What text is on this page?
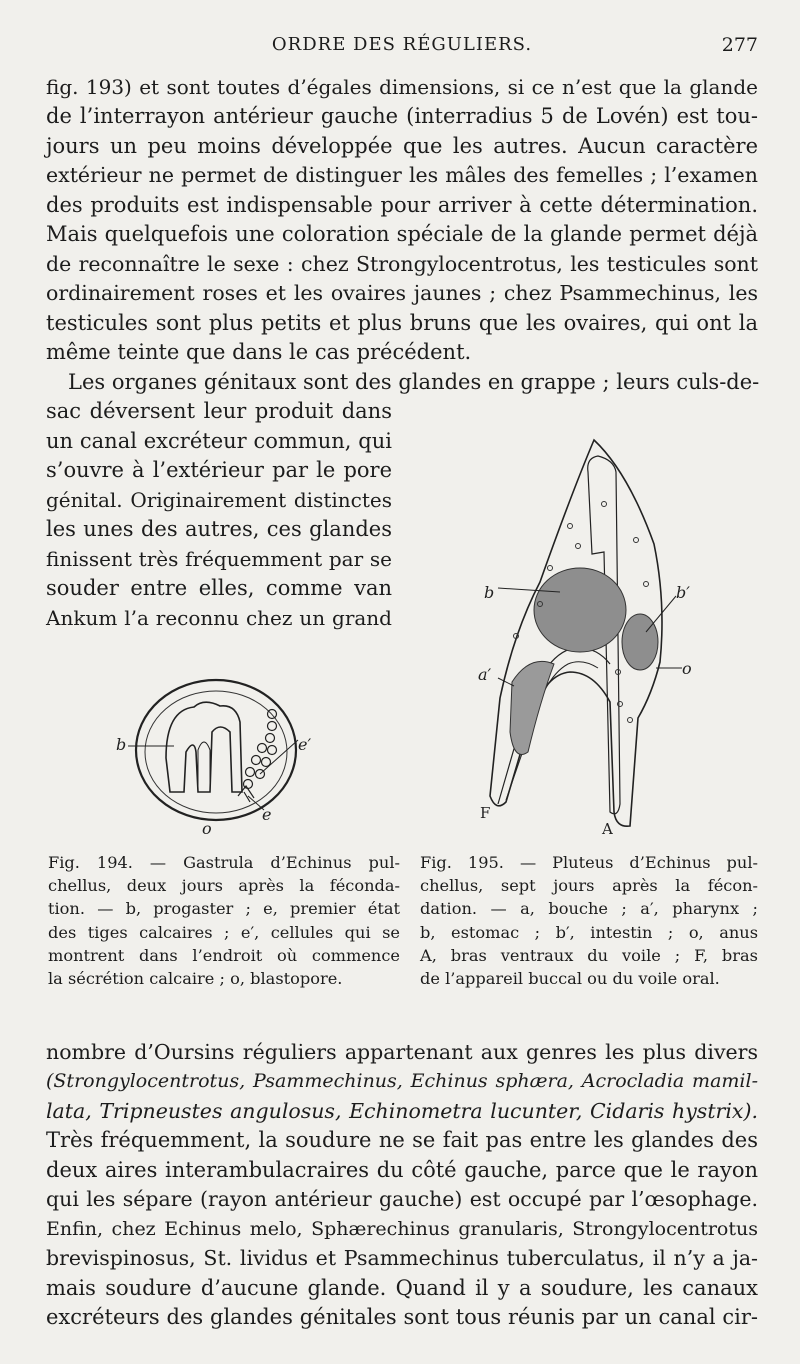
ORDRE DES RÉGULIERS.	277
fig. 193) et sont toutes d’égales dimensions, si ce n’est que la glande
de l’interrayon antérieur gauche (interradius 5 de Lovén) est tou-
jours un peu moins développée que les autres. Aucun caractère
extérieur ne permet de distinguer les mâles des femelles ; l’examen
des produits est indispensable pour arriver à cette détermination.
Mais quelquefois une coloration spéciale de la glande permet déjà
de reconnaître le sexe : chez Strongylocentrotus, les testicules sont
ordinairement roses et les ovaires jaunes ; chez Psammechinus, les
testicules sont plus petits et plus bruns que les ovaires, qui ont la
même teinte que dans le cas précédent.
Les organes génitaux sont des glandes en grappe ; leurs culs-de-
sac déversent leur produit dans
un canal excréteur commun, qui
s’ouvre à l’extérieur par le pore
génital. Originairement distinctes
les unes des autres, ces glandes
finissent très fréquemment par se
souder entre elles, comme van
Ankum l’a reconnu chez un grand
b	e′
e
o
b	b′
o
a′
F
A
Fig. 194. — Gastrula d’Echinus pul-
chellus, deux jours après la féconda-
tion. — b, progaster ; e, premier état
des tiges calcaires ; e′, cellules qui se
montrent dans l’endroit où commence
la sécrétion calcaire ; o, blastopore.
Fig. 195. — Pluteus d’Echinus pul-
chellus, sept jours après la fécon-
dation. — a, bouche ; a′, pharynx ;
b, estomac ; b′, intestin ; o, anus
A, bras ventraux du voile ; F, bras
de l’appareil buccal ou du voile oral.
nombre d’Oursins réguliers appartenant aux genres les plus divers
(Strongylocentrotus, Psammechinus, Echinus sphæra, Acrocladia mamil-
lata, Tripneustes angulosus, Echinometra lucunter, Cidaris hystrix).
Très fréquemment, la soudure ne se fait pas entre les glandes des
deux aires interambulacraires du côté gauche, parce que le rayon
qui les sépare (rayon antérieur gauche) est occupé par l’œsophage.
Enfin, chez Echinus melo, Sphærechinus granularis, Strongylocentrotus
brevispinosus, St. lividus et Psammechinus tuberculatus, il n’y a ja-
mais soudure d’aucune glande. Quand il y a soudure, les canaux
excréteurs des glandes génitales sont tous réunis par un canal cir-
